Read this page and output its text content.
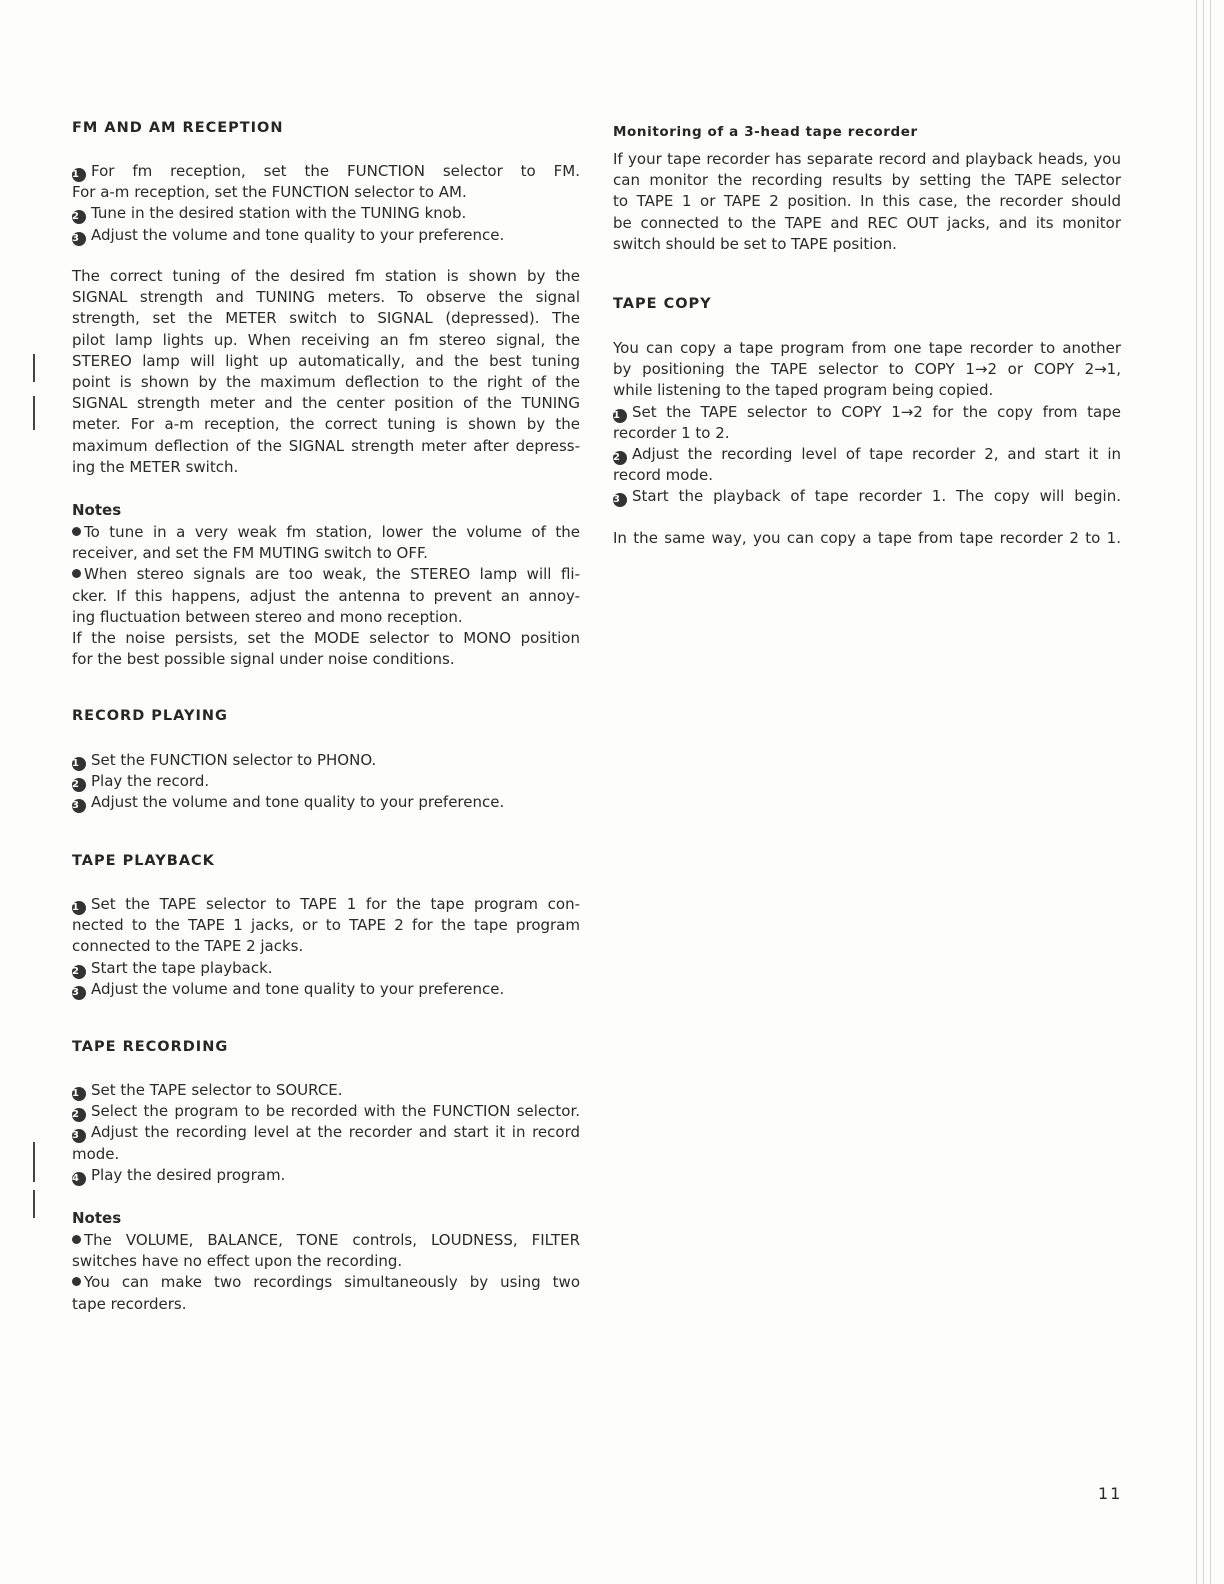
FM AND AM RECEPTION
1 For fm reception, set the FUNCTION selector to FM.
For a-m reception, set the FUNCTION selector to AM.
2 Tune in the desired station with the TUNING knob.
3 Adjust the volume and tone quality to your preference.
The correct tuning of the desired fm station is shown by the
SIGNAL strength and TUNING meters. To observe the signal
strength, set the METER switch to SIGNAL (depressed). The
pilot lamp lights up. When receiving an fm stereo signal, the
STEREO lamp will light up automatically, and the best tuning
point is shown by the maximum deflection to the right of the
SIGNAL strength meter and the center position of the TUNING
meter. For a-m reception, the correct tuning is shown by the
maximum deflection of the SIGNAL strength meter after depress-
ing the METER switch.
Notes
To tune in a very weak fm station, lower the volume of the
receiver, and set the FM MUTING switch to OFF.
When stereo signals are too weak, the STEREO lamp will fli-
cker. If this happens, adjust the antenna to prevent an annoy-
ing fluctuation between stereo and mono reception.
If the noise persists, set the MODE selector to MONO position
for the best possible signal under noise conditions.
RECORD PLAYING
1 Set the FUNCTION selector to PHONO.
2 Play the record.
3 Adjust the volume and tone quality to your preference.
TAPE PLAYBACK
1 Set the TAPE selector to TAPE 1 for the tape program con-
nected to the TAPE 1 jacks, or to TAPE 2 for the tape program
connected to the TAPE 2 jacks.
2 Start the tape playback.
3 Adjust the volume and tone quality to your preference.
TAPE RECORDING
1 Set the TAPE selector to SOURCE.
2 Select the program to be recorded with the FUNCTION selector.
3 Adjust the recording level at the recorder and start it in record
mode.
4 Play the desired program.
Notes
The VOLUME, BALANCE, TONE controls, LOUDNESS, FILTER
switches have no effect upon the recording.
You can make two recordings simultaneously by using two
tape recorders.
Monitoring of a 3-head tape recorder
If your tape recorder has separate record and playback heads, you
can monitor the recording results by setting the TAPE selector
to TAPE 1 or TAPE 2 position. In this case, the recorder should
be connected to the TAPE and REC OUT jacks, and its monitor
switch should be set to TAPE position.
TAPE COPY
You can copy a tape program from one tape recorder to another
by positioning the TAPE selector to COPY 1→2 or COPY 2→1,
while listening to the taped program being copied.
1 Set the TAPE selector to COPY 1→2 for the copy from tape
recorder 1 to 2.
2 Adjust the recording level of tape recorder 2, and start it in
record mode.
3 Start the playback of tape recorder 1. The copy will begin.
In the same way, you can copy a tape from tape recorder 2 to 1.
11
